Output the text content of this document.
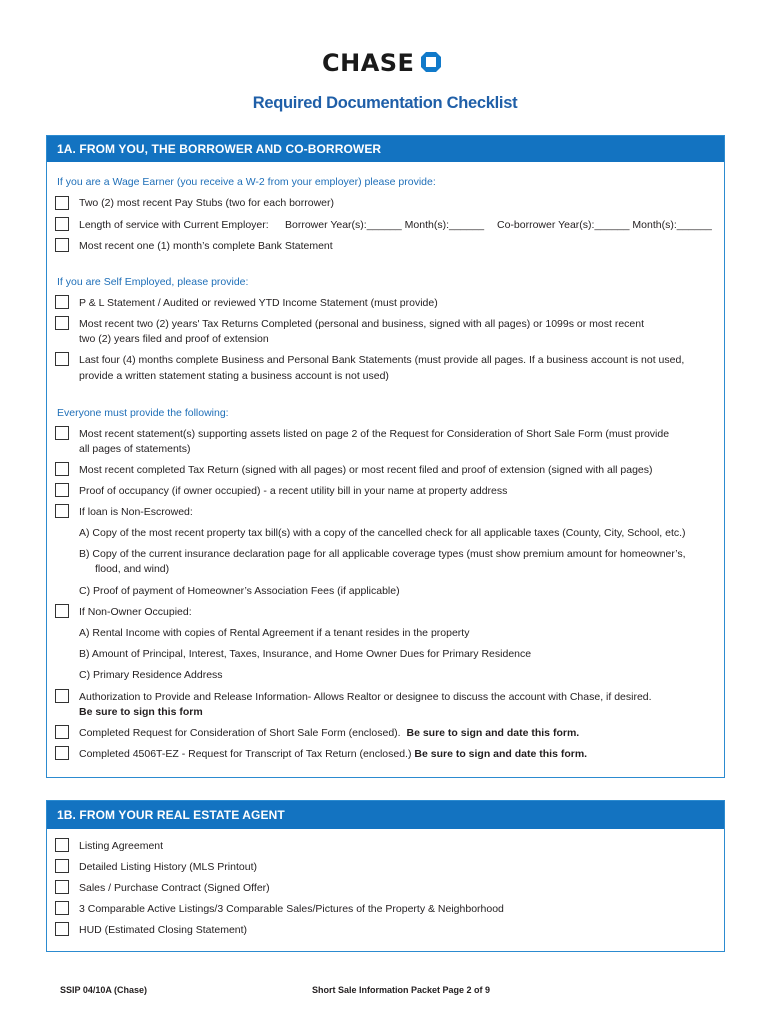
CHASE
Required Documentation Checklist
1A. FROM YOU, THE BORROWER AND CO-BORROWER
If you are a Wage Earner (you receive a W-2 from your employer) please provide:
Two (2) most recent Pay Stubs (two for each borrower)
Length of service with Current Employer: Borrower Year(s):______ Month(s):______ Co-borrower Year(s):______ Month(s):______
Most recent one (1) month’s complete Bank Statement
If you are Self Employed, please provide:
P & L Statement / Audited or reviewed YTD Income Statement (must provide)
Most recent two (2) years' Tax Returns Completed (personal and business, signed with all pages) or 1099s or most recent
two (2) years filed and proof of extension
Last four (4) months complete Business and Personal Bank Statements (must provide all pages. If a business account is not used,
provide a written statement stating a business account is not used)
Everyone must provide the following:
Most recent statement(s) supporting assets listed on page 2 of the Request for Consideration of Short Sale Form (must provide
all pages of statements)
Most recent completed Tax Return (signed with all pages) or most recent filed and proof of extension (signed with all pages)
Proof of occupancy (if owner occupied) - a recent utility bill in your name at property address
If loan is Non-Escrowed:
A) Copy of the most recent property tax bill(s) with a copy of the cancelled check for all applicable taxes (County, City, School, etc.)
B) Copy of the current insurance declaration page for all applicable coverage types (must show premium amount for homeowner’s,
flood, and wind)
C) Proof of payment of Homeowner’s Association Fees (if applicable)
If Non-Owner Occupied:
A) Rental Income with copies of Rental Agreement if a tenant resides in the property
B) Amount of Principal, Interest, Taxes, Insurance, and Home Owner Dues for Primary Residence
C) Primary Residence Address
Authorization to Provide and Release Information- Allows Realtor or designee to discuss the account with Chase, if desired.
Be sure to sign this form
Completed Request for Consideration of Short Sale Form (enclosed). Be sure to sign and date this form.
Completed 4506T-EZ - Request for Transcript of Tax Return (enclosed.) Be sure to sign and date this form.
1B. FROM YOUR REAL ESTATE AGENT
Listing Agreement
Detailed Listing History (MLS Printout)
Sales / Purchase Contract (Signed Offer)
3 Comparable Active Listings/3 Comparable Sales/Pictures of the Property & Neighborhood
HUD (Estimated Closing Statement)
SSIP 04/10A (Chase)	Short Sale Information Packet Page 2 of 9
